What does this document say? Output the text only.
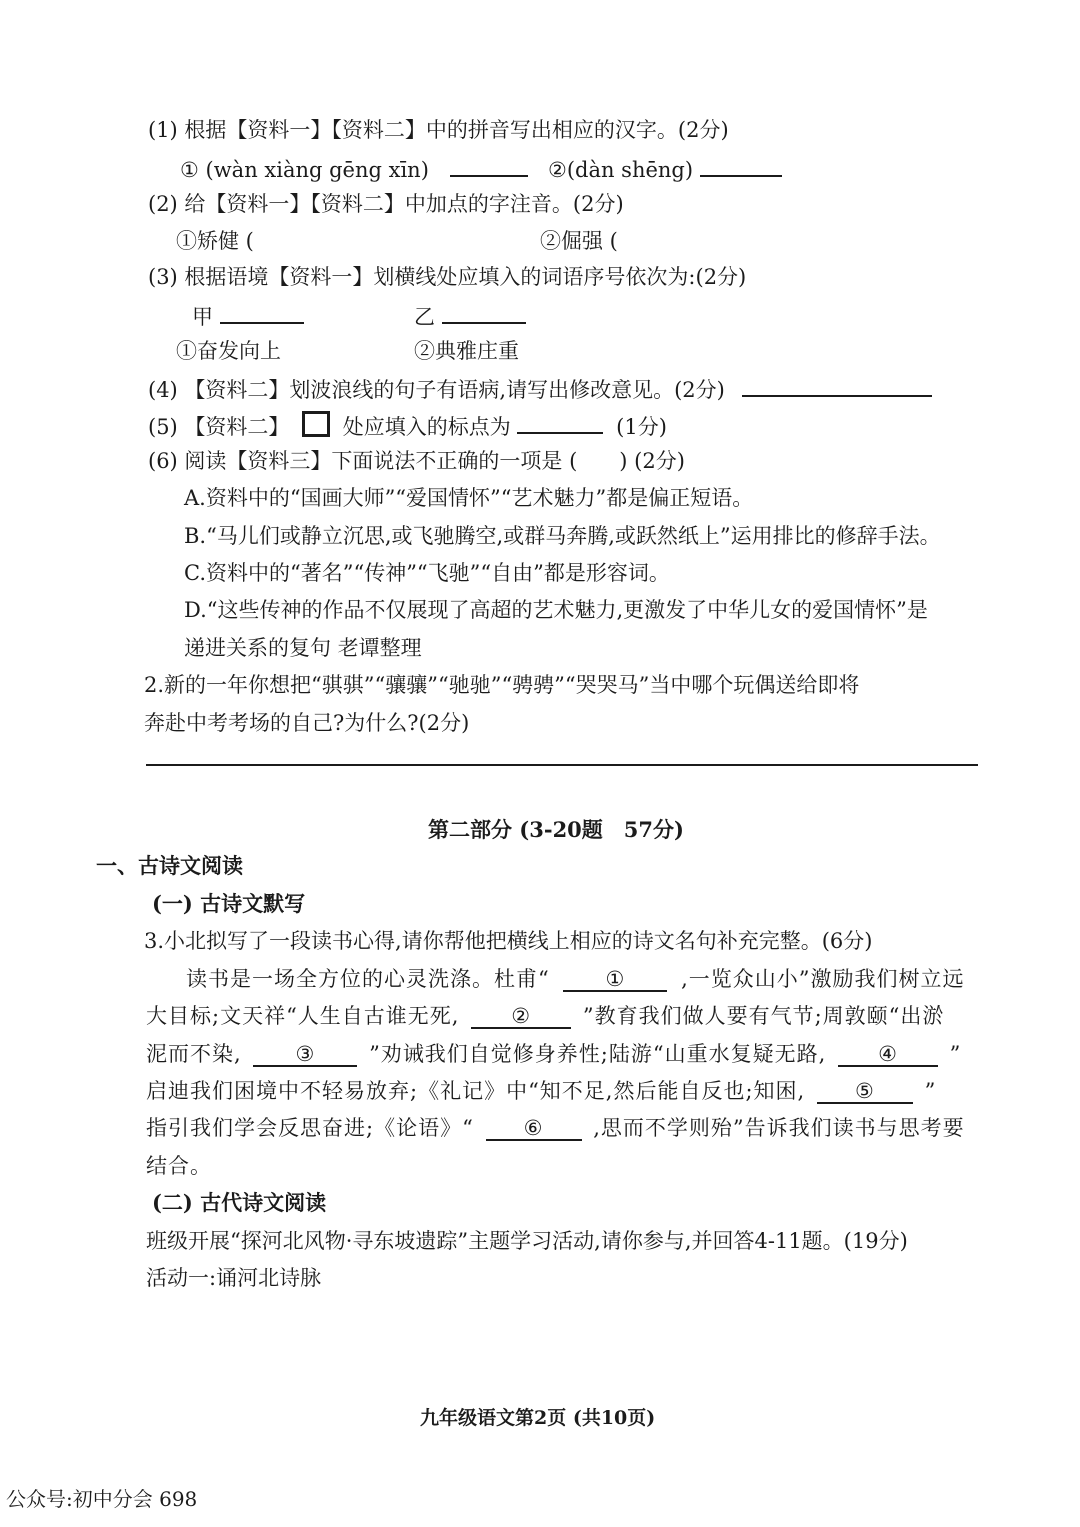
(1) 根据【资料一】【资料二】中的拼音写出相应的汉字。(2分)
① (wàn xiàng gēng xīn)	②(dàn shēng)
(2) 给【资料一】【资料二】中加点的字注音。(2分)
①矫健 (	②倔强 (
(3) 根据语境【资料一】划横线处应填入的词语序号依次为:(2分)
甲	乙
①奋发向上	②典雅庄重
(4) 【资料二】划波浪线的句子有语病,请写出修改意见。(2分)
(5) 【资料二】	处应填入的标点为	(1分)
(6) 阅读【资料三】下面说法不正确的一项是 (　　) (2分)
A.资料中的“国画大师”“爱国情怀”“艺术魅力”都是偏正短语。
B.“马儿们或静立沉思,或飞驰腾空,或群马奔腾,或跃然纸上”运用排比的修辞手法。
C.资料中的“著名”“传神”“飞驰”“自由”都是形容词。
D.“这些传神的作品不仅展现了高超的艺术魅力,更激发了中华儿女的爱国情怀”是
递进关系的复句 老谭整理
2.新的一年你想把“骐骐”“骧骧”“驰驰”“骋骋”“哭哭马”当中哪个玩偶送给即将
奔赴中考考场的自己?为什么?(2分)
第二部分 (3-20题　57分)
一、古诗文阅读
(一) 古诗文默写
3.小北拟写了一段读书心得,请你帮他把横线上相应的诗文名句补充完整。(6分)
读书是一场全方位的心灵洗涤。杜甫“	①	,一览众山小”激励我们树立远
大目标;文天祥“人生自古谁无死, ② ”教育我们做人要有气节;周敦颐“出淤
泥而不染,	③	”劝诫我们自觉修身养性;陆游“山重水复疑无路, ④ ”
启迪我们困境中不轻易放弃;《礼记》中“知不足,然后能自反也;知困, ⑤ ”
指引我们学会反思奋进;《论语》“ ⑥ ,思而不学则殆”告诉我们读书与思考要
结合。
(二) 古代诗文阅读
班级开展“探河北风物·寻东坡遗踪”主题学习活动,请你参与,并回答4-11题。(19分)
活动一:诵河北诗脉
九年级语文第2页 (共10页)
公众号:初中分会 698
